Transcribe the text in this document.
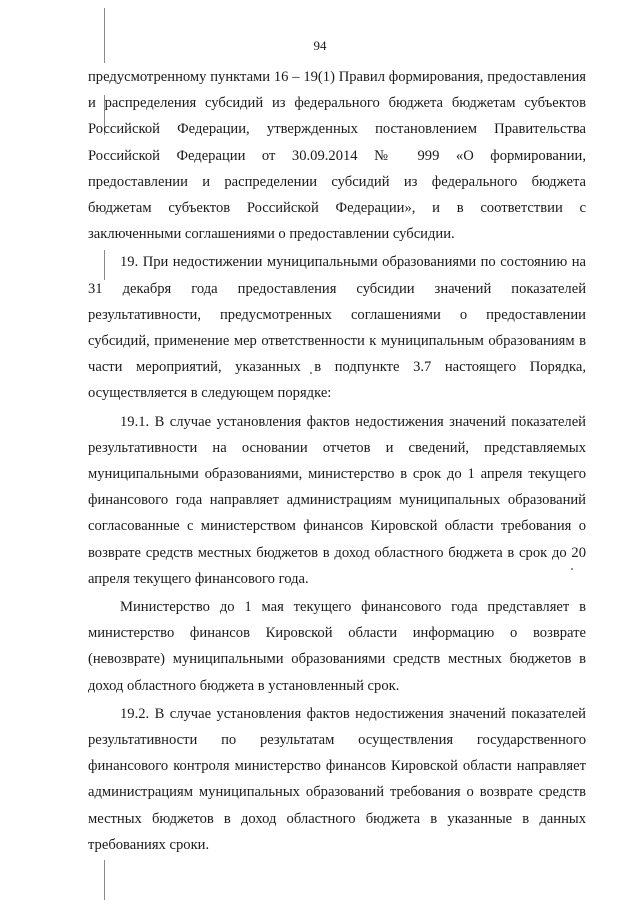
94

предусмотренному пунктами 16 – 19(1) Правил формирования, предоставления и распределения субсидий из федерального бюджета бюджетам субъектов Российской Федерации, утвержденных постановлением Правительства Российской Федерации от 30.09.2014 № 999 «О формировании, предоставлении и распределении субсидий из федерального бюджета бюджетам субъектов Российской Федерации», и в соответствии с заключенными соглашениями о предоставлении субсидии.

19. При недостижении муниципальными образованиями по состоянию на 31 декабря года предоставления субсидии значений показателей результативности, предусмотренных соглашениями о предоставлении субсидий, применение мер ответственности к муниципальным образованиям в части мероприятий, указанных в подпункте 3.7 настоящего Порядка, осуществляется в следующем порядке:

19.1. В случае установления фактов недостижения значений показателей результативности на основании отчетов и сведений, представляемых муниципальными образованиями, министерство в срок до 1 апреля текущего финансового года направляет администрациям муниципальных образований согласованные с министерством финансов Кировской области требования о возврате средств местных бюджетов в доход областного бюджета в срок до 20 апреля текущего финансового года.

Министерство до 1 мая текущего финансового года представляет в министерство финансов Кировской области информацию о возврате (невозврате) муниципальными образованиями средств местных бюджетов в доход областного бюджета в установленный срок.

19.2. В случае установления фактов недостижения значений показателей результативности по результатам осуществления государственного финансового контроля министерство финансов Кировской области направляет администрациям муниципальных образований требования о возврате средств местных бюджетов в доход областного бюджета в указанные в данных требованиях сроки.
